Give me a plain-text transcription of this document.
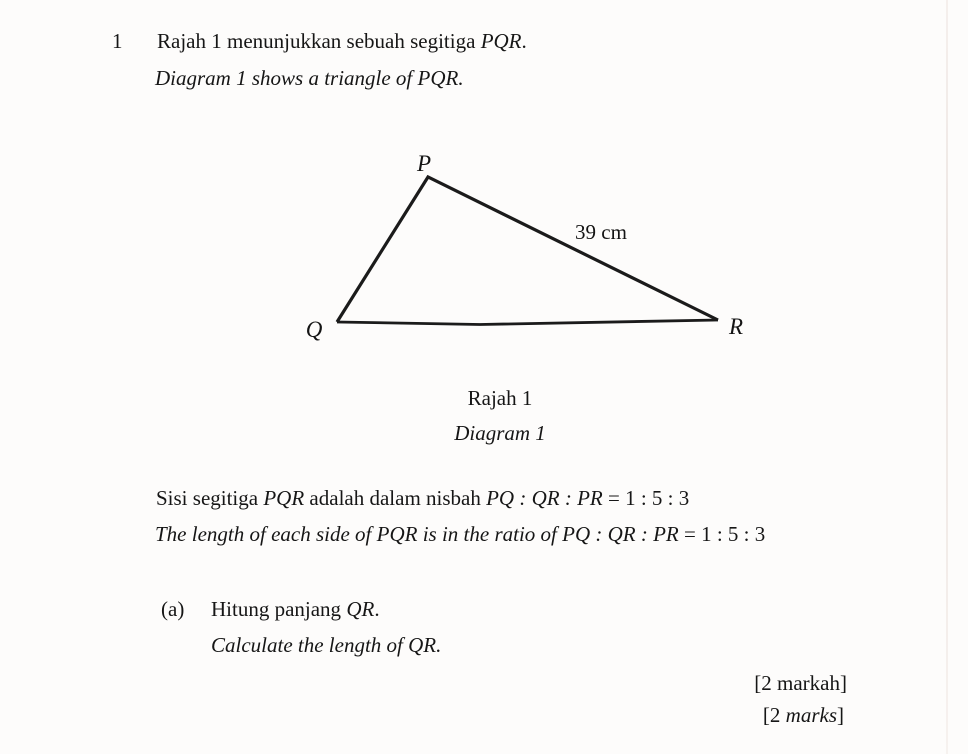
1 Rajah 1 menunjukkan sebuah segitiga PQR.
Diagram 1 shows a triangle of PQR.
P
Q	R
39 cm
Rajah 1
Diagram 1
Sisi segitiga PQR adalah dalam nisbah PQ : QR : PR = 1 : 5 : 3
The length of each side of PQR is in the ratio of PQ : QR : PR = 1 : 5 : 3
(a) Hitung panjang QR.
Calculate the length of QR.
[2 markah]
[2 marks]
